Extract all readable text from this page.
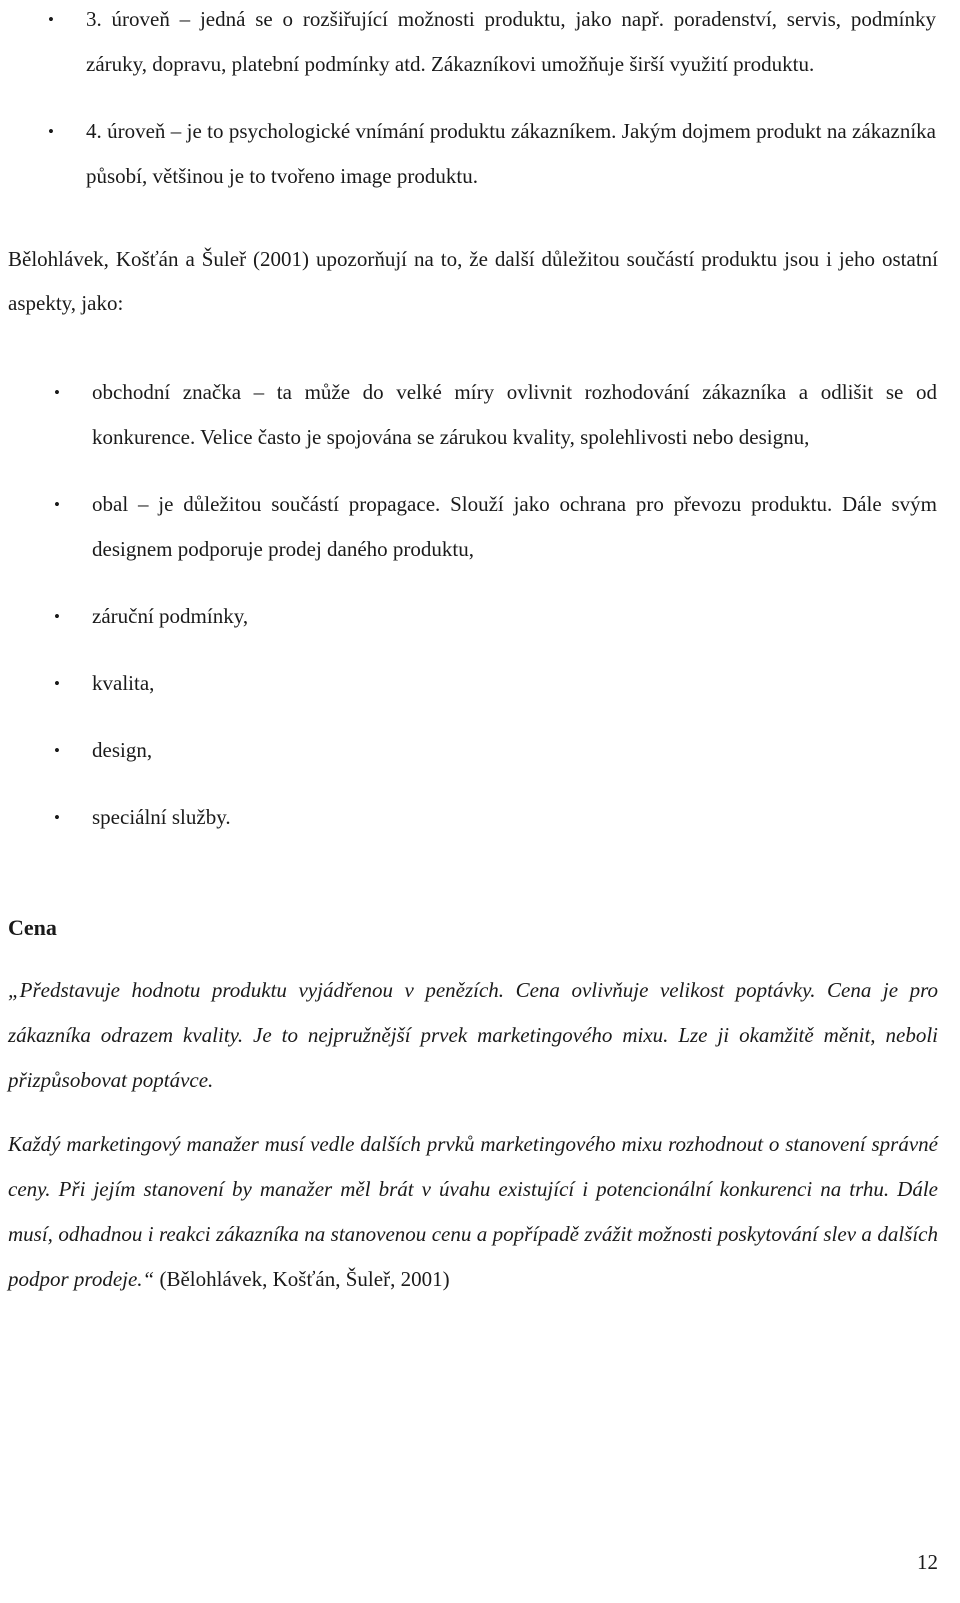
• 3. úroveň – jedná se o rozšiřující možnosti produktu, jako např. poradenství, servis, podmínky záruky, dopravu, platební podmínky atd. Zákazníkovi umožňuje širší využití produktu.
• 4. úroveň – je to psychologické vnímání produktu zákazníkem. Jakým dojmem produkt na zákazníka působí, většinou je to tvořeno image produktu.

Bělohlávek, Košťán a Šuleř (2001) upozorňují na to, že další důležitou součástí produktu jsou i jeho ostatní aspekty, jako:

• obchodní značka – ta může do velké míry ovlivnit rozhodování zákazníka a odlišit se od konkurence. Velice často je spojována se zárukou kvality, spolehlivosti nebo designu,
• obal – je důležitou součástí propagace. Slouží jako ochrana pro převozu produktu. Dále svým designem podporuje prodej daného produktu,
• záruční podmínky,
• kvalita,
• design,
• speciální služby.
Cena

„Představuje hodnotu produktu vyjádřenou v penězích. Cena ovlivňuje velikost poptávky. Cena je pro zákazníka odrazem kvality. Je to nejpružnější prvek marketingového mixu. Lze ji okamžitě měnit, neboli přizpůsobovat poptávce.

Každý marketingový manažer musí vedle dalších prvků marketingového mixu rozhodnout o stanovení správné ceny. Při jejím stanovení by manažer měl brát v úvahu existující i potencionální konkurenci na trhu. Dále musí, odhadnou i reakci zákazníka na stanovenou cenu a popřípadě zvážit možnosti poskytování slev a dalších podpor prodeje.“ (Bělohlávek, Košťán, Šuleř, 2001)

12
